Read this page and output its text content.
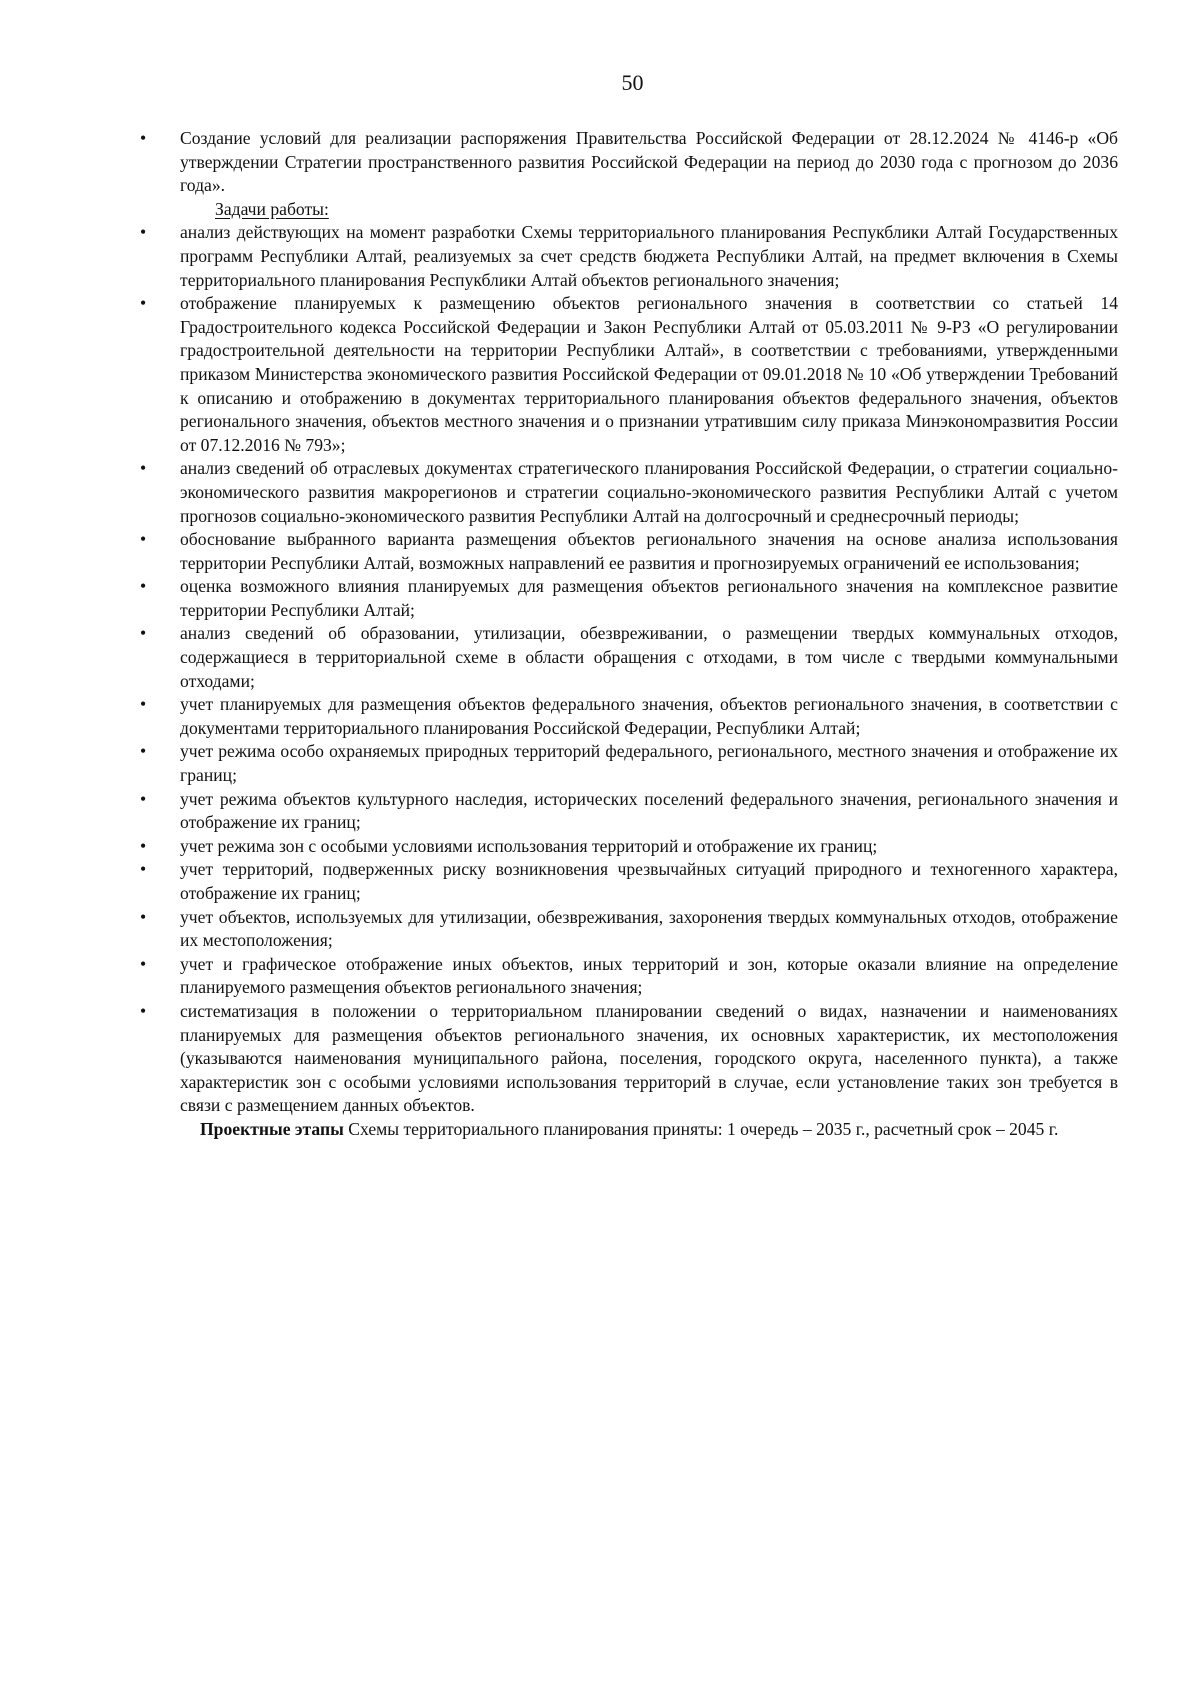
50
•	Создание условий для реализации распоряжения Правительства Российской Федерации от 28.12.2024 № 4146-р «Об утверждении Стратегии пространственного развития Российской Федерации на период до 2030 года с прогнозом до 2036 года».
Задачи работы:
•	анализ действующих на момент разработки Схемы территориального планирования Респукблики Алтай Государственных программ Республики Алтай, реализуемых за счет средств бюджета Республики Алтай, на предмет включения в Схемы территориального планирования Респукблики Алтай объектов регионального значения;
•	отображение планируемых к размещению объектов регионального значения в соответствии со статьей 14 Градостроительного кодекса Российской Федерации и Закон Республики Алтай от 05.03.2011 № 9-РЗ «О регулировании градостроительной деятельности на территории Республики Алтай», в соответствии с требованиями, утвержденными приказом Министерства экономического развития Российской Федерации от 09.01.2018 № 10 «Об утверждении Требований к описанию и отображению в документах территориального планирования объектов федерального значения, объектов регионального значения, объектов местного значения и о признании утратившим силу приказа Минэкономразвития России от 07.12.2016 № 793»;
•	анализ сведений об отраслевых документах стратегического планирования Российской Федерации, о стратегии социально-экономического развития макрорегионов и стратегии социально-экономического развития Республики Алтай с учетом прогнозов социально-экономического развития Республики Алтай на долгосрочный и среднесрочный периоды;
•	обоснование выбранного варианта размещения объектов регионального значения на основе анализа использования территории Республики Алтай, возможных направлений ее развития и прогнозируемых ограничений ее использования;
•	оценка возможного влияния планируемых для размещения объектов регионального значения на комплексное развитие территории Республики Алтай;
•	анализ сведений об образовании, утилизации, обезвреживании, о размещении твердых коммунальных отходов, содержащиеся в территориальной схеме в области обращения с отходами, в том числе с твердыми коммунальными отходами;
•	учет планируемых для размещения объектов федерального значения, объектов регионального значения, в соответствии с документами территориального планирования Российской Федерации, Республики Алтай;
•	учет режима особо охраняемых природных территорий федерального, регионального, местного значения и отображение их границ;
•	учет режима объектов культурного наследия, исторических поселений федерального значения, регионального значения и отображение их границ;
•	учет режима зон с особыми условиями использования территорий и отображение их границ;
•	учет территорий, подверженных риску возникновения чрезвычайных ситуаций природного и техногенного характера, отображение их границ;
•	учет объектов, используемых для утилизации, обезвреживания, захоронения твердых коммунальных отходов, отображение их местоположения;
•	учет и графическое отображение иных объектов, иных территорий и зон, которые оказали влияние на определение планируемого размещения объектов регионального значения;
•	систематизация в положении о территориальном планировании сведений о видах, назначении и наименованиях планируемых для размещения объектов регионального значения, их основных характеристик, их местоположения (указываются наименования муниципального района, поселения, городского округа, населенного пункта), а также характеристик зон с особыми условиями использования территорий в случае, если установление таких зон требуется в связи с размещением данных объектов.
Проектные этапы Схемы территориального планирования приняты: 1 очередь – 2035 г., расчетный срок – 2045 г.
